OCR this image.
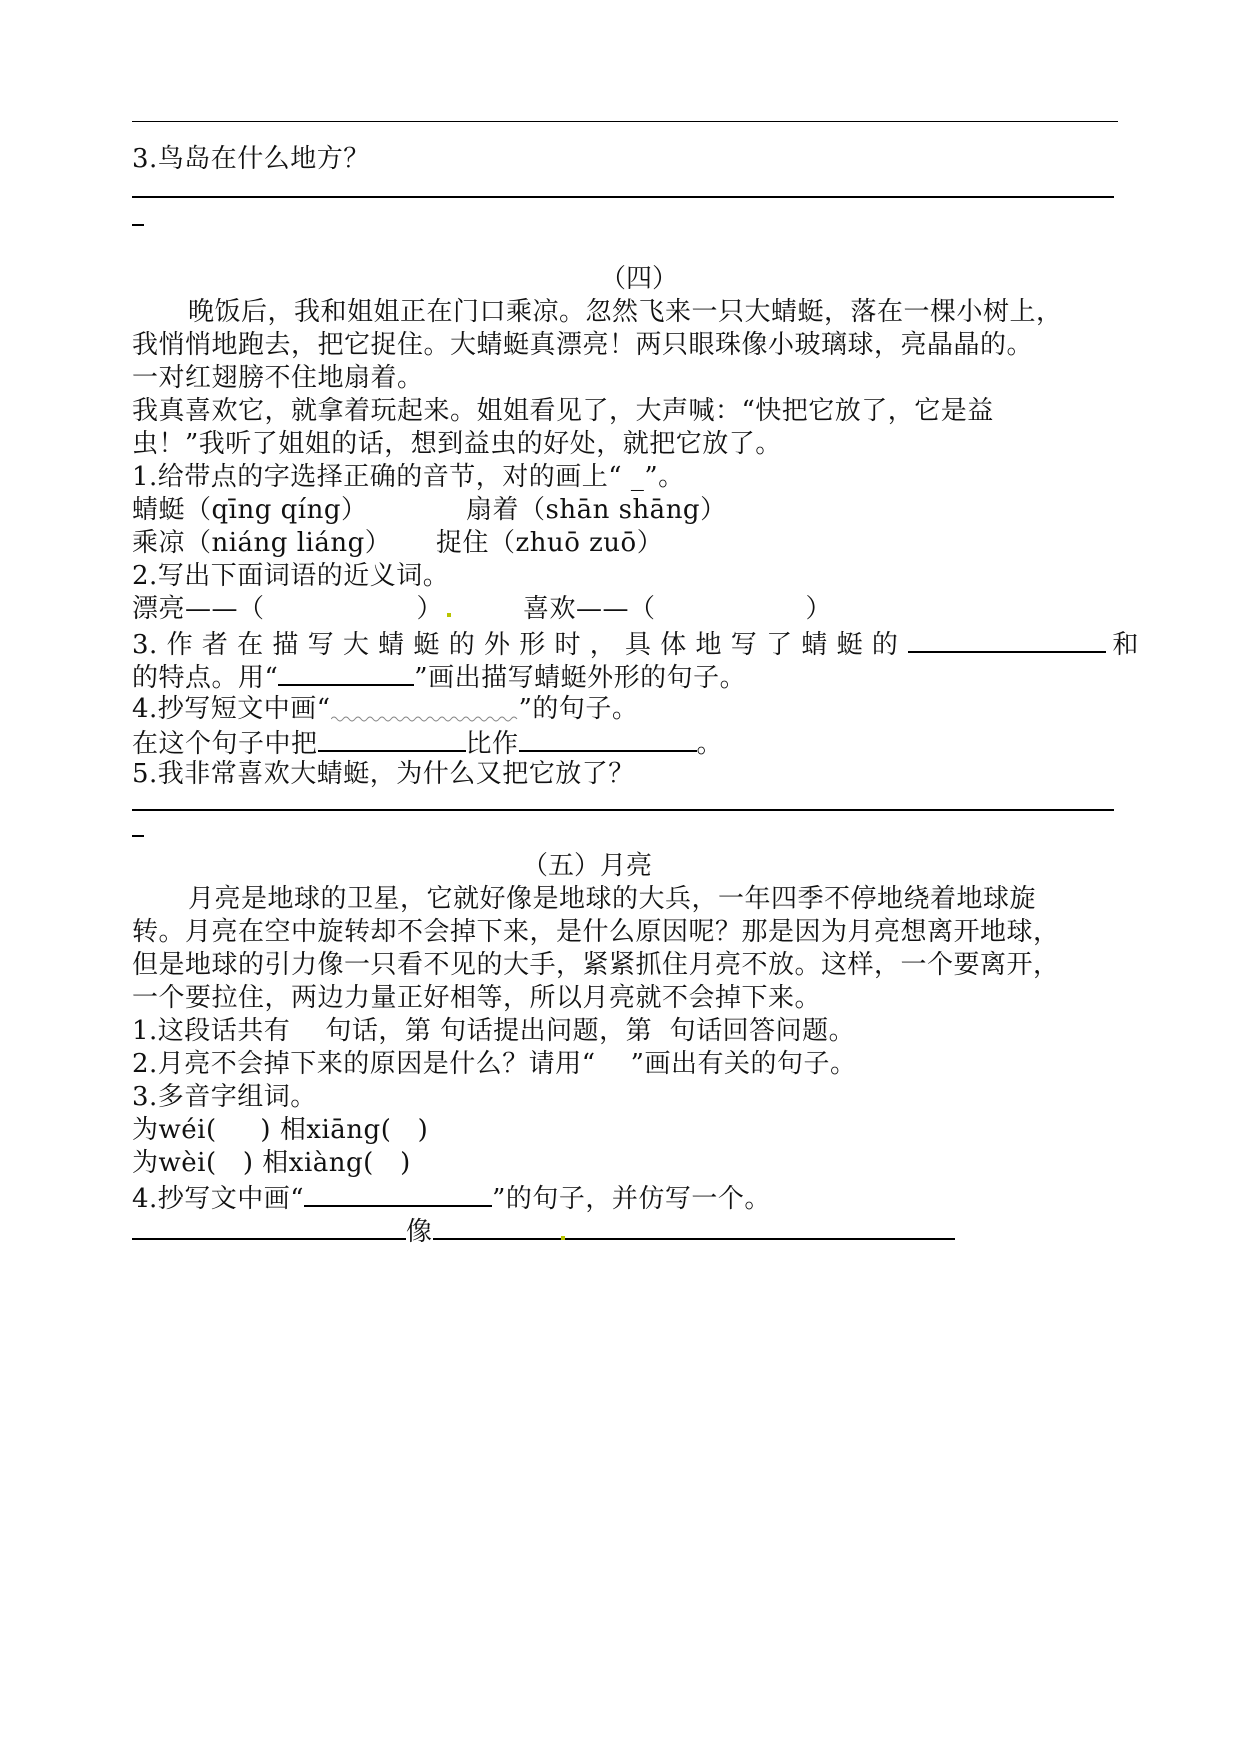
3.鸟岛在什么地方？
（四）
晚饭后，我和姐姐正在门口乘凉。忽然飞来一只大蜻蜓，落在一棵小树上，
我悄悄地跑去，把它捉住。大蜻蜓真漂亮！两只眼珠像小玻璃球，亮晶晶的。
一对红翅膀不住地扇着。
我真喜欢它，就拿着玩起来。姐姐看见了，大声喊：“快把它放了，它是益
虫！”我听了姐姐的话，想到益虫的好处，就把它放了。
1.给带点的字选择正确的音节，对的画上“ _”。
蜻蜓（qīng qíng）	扇着（shān shāng）
乘凉（niáng liáng） 捉住（zhuō zuō）
2.写出下面词语的近义词。
漂亮——（	）	喜欢——（	）
3. 作 者 在 描 写 大 蜻 蜓 的 外 形 时 ， 具 体 地 写 了 蜻 蜓 的	和
的特点。用“	”画出描写蜻蜓外形的句子。
4.抄写短文中画“	”的句子。
在这个句子中把	比作	。
5.我非常喜欢大蜻蜓，为什么又把它放了？
（五）月亮
月亮是地球的卫星，它就好像是地球的大兵，一年四季不停地绕着地球旋
转。月亮在空中旋转却不会掉下来，是什么原因呢？那是因为月亮想离开地球，
但是地球的引力像一只看不见的大手，紧紧抓住月亮不放。这样，一个要离开，
一个要拉住，两边力量正好相等，所以月亮就不会掉下来。
1.这段话共有    句话，第 句话提出问题，第  句话回答问题。
2.月亮不会掉下来的原因是什么？请用“    ”画出有关的句子。
3.多音字组词。
为wéi(     ) 相xiāng(   )
为wèi(   ) 相xiàng(   )
4.抄写文中画“	”的句子，并仿写一个。
像
